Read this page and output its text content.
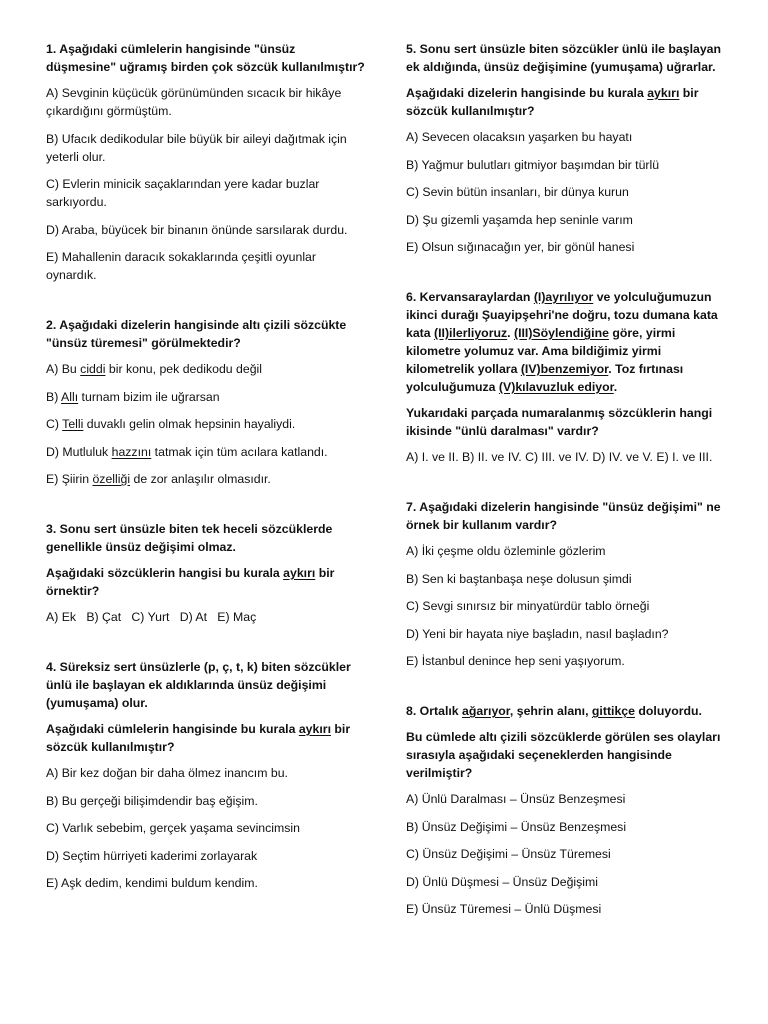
1. Aşağıdaki cümlelerin hangisinde "ünsüz düşmesine" uğramış birden çok sözcük kullanılmıştır?

A) Sevginin küçücük görünümünden sıcacık bir hikâye çıkardığını görmüştüm.

B) Ufacık dedikodular bile büyük bir aileyi dağıtmak için yeterli olur.

C) Evlerin minicik saçaklarından yere kadar buzlar sarkıyordu.

D) Araba, büyücek bir binanın önünde sarsılarak durdu.

E) Mahallenin daracık sokaklarında çeşitli oyunlar oynardık.

2. Aşağıdaki dizelerin hangisinde altı çizili sözcükte "ünsüz türemesi" görülmektedir?

A) Bu ciddi bir konu, pek dedikodu değil

B) Allı turnam bizim ile uğrarsan

C) Telli duvaklı gelin olmak hepsinin hayaliydi.

D) Mutluluk hazzını tatmak için tüm acılara katlandı.

E) Şiirin özelliği de zor anlaşılır olmasıdır.

3. Sonu sert ünsüzle biten tek heceli sözcüklerde genellikle ünsüz değişimi olmaz.

Aşağıdaki sözcüklerin hangisi bu kurala aykırı bir örnektir?

A) Ek   B) Çat   C) Yurt   D) At   E) Maç

4. Süreksiz sert ünsüzlerle (p, ç, t, k) biten sözcükler ünlü ile başlayan ek aldıklarında ünsüz değişimi (yumuşama) olur.

Aşağıdaki cümlelerin hangisinde bu kurala aykırı bir sözcük kullanılmıştır?

A) Bir kez doğan bir daha ölmez inancım bu.

B) Bu gerçeği bilişimdendir baş eğişim.

C) Varlık sebebim, gerçek yaşama sevincimsin

D) Seçtim hürriyeti kaderimi zorlayarak

E) Aşk dedim, kendimi buldum kendim.

5. Sonu sert ünsüzle biten sözcükler ünlü ile başlayan ek aldığında, ünsüz değişimine (yumuşama) uğrarlar.

Aşağıdaki dizelerin hangisinde bu kurala aykırı bir sözcük kullanılmıştır?

A) Sevecen olacaksın yaşarken bu hayatı

B) Yağmur bulutları gitmiyor başımdan bir türlü

C) Sevin bütün insanları, bir dünya kurun

D) Şu gizemli yaşamda hep seninle varım

E) Olsun sığınacağın yer, bir gönül hanesi

6. Kervansaraylardan (I)ayrılıyor ve yolculuğumuzun ikinci durağı Şuayipşehri'ne doğru, tozu dumana kata kata (II)ilerliyoruz. (III)Söylendiğine göre, yirmi kilometre yolumuz var. Ama bildiğimiz yirmi kilometrelik yollara (IV)benzemiyor. Toz fırtınası yolculuğumuza (V)kılavuzluk ediyor.

Yukarıdaki parçada numaralanmış sözcüklerin hangi ikisinde "ünlü daralması" vardır?

A) I. ve II. B) II. ve IV. C) III. ve IV. D) IV. ve V. E) I. ve III.

7. Aşağıdaki dizelerin hangisinde "ünsüz değişimi" ne örnek bir kullanım vardır?

A) İki çeşme oldu özleminle gözlerim

B) Sen ki baştanbaşa neşe dolusun şimdi

C) Sevgi sınırsız bir minyatürdür tablo örneği

D) Yeni bir hayata niye başladın, nasıl başladın?

E) İstanbul denince hep seni yaşıyorum.

8. Ortalık ağarıyor, şehrin alanı, gittikçe doluyordu.

Bu cümlede altı çizili sözcüklerde görülen ses olayları sırasıyla aşağıdaki seçeneklerden hangisinde verilmiştir?

A) Ünlü Daralması – Ünsüz Benzeşmesi

B) Ünsüz Değişimi – Ünsüz Benzeşmesi

C) Ünsüz Değişimi – Ünsüz Türemesi

D) Ünlü Düşmesi – Ünsüz Değişimi

E) Ünsüz Türemesi – Ünlü Düşmesi
